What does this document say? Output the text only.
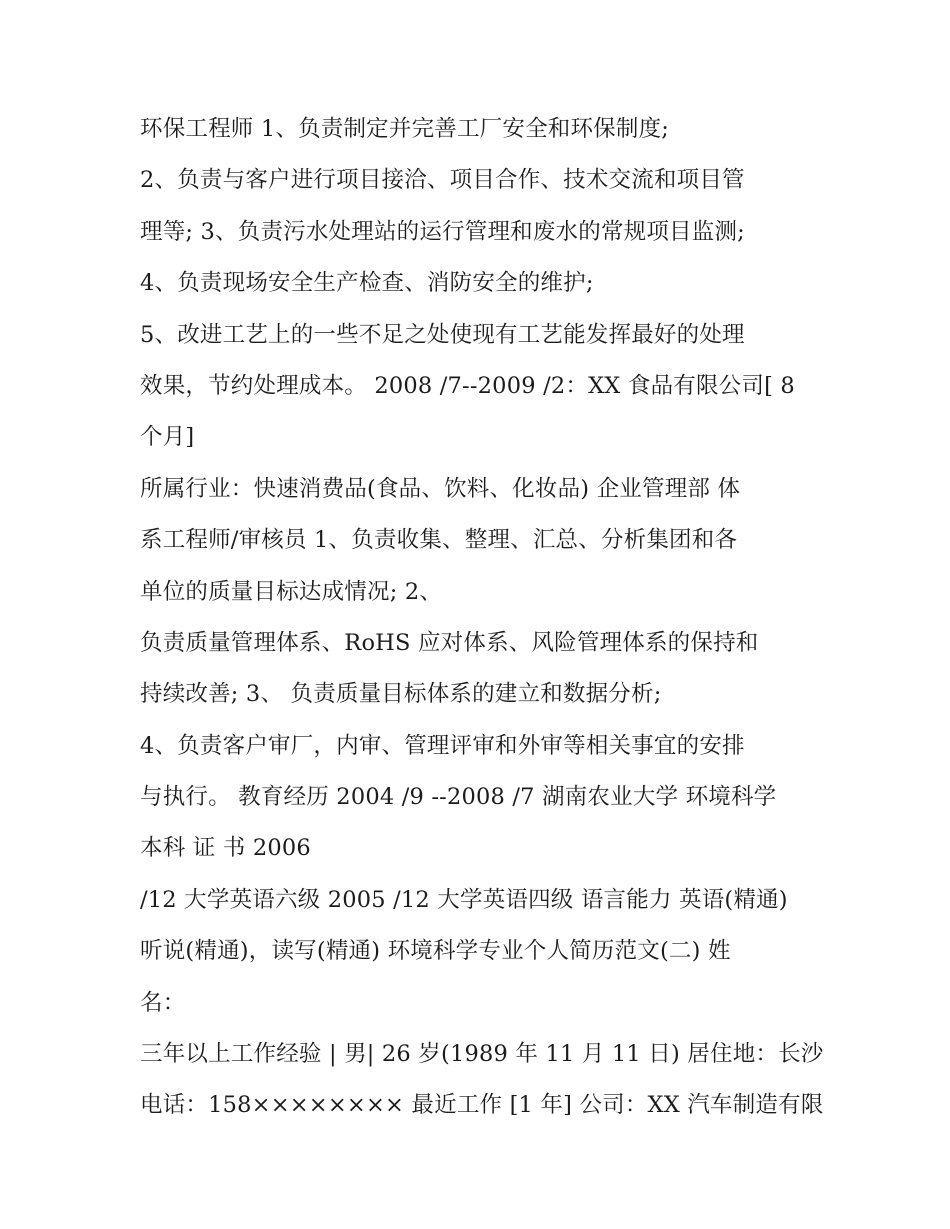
环保工程师 1、负责制定并完善工厂安全和环保制度;
2、负责与客户进行项目接洽、项目合作、技术交流和项目管
理等; 3、负责污水处理站的运行管理和废水的常规项目监测;
4、负责现场安全生产检查、消防安全的维护;
5、改进工艺上的一些不足之处使现有工艺能发挥最好的处理
效果，节约处理成本。 2008 /7--2009 /2：XX 食品有限公司[ 8
个月]
所属行业：快速消费品(食品、饮料、化妆品) 企业管理部 体
系工程师/审核员 1、负责收集、整理、汇总、分析集团和各
单位的质量目标达成情况; 2、
负责质量管理体系、RoHS 应对体系、风险管理体系的保持和
持续改善; 3、 负责质量目标体系的建立和数据分析;
4、负责客户审厂，内审、管理评审和外审等相关事宜的安排
与执行。 教育经历 2004 /9 --2008 /7 湖南农业大学 环境科学
本科 证 书 2006
/12 大学英语六级 2005 /12 大学英语四级 语言能力 英语(精通)
听说(精通)，读写(精通) 环境科学专业个人简历范文(二) 姓
名：
三年以上工作经验 | 男| 26 岁(1989 年 11 月 11 日) 居住地：长沙
电话：158×××××××× 最近工作 [1 年] 公司：XX 汽车制造有限
